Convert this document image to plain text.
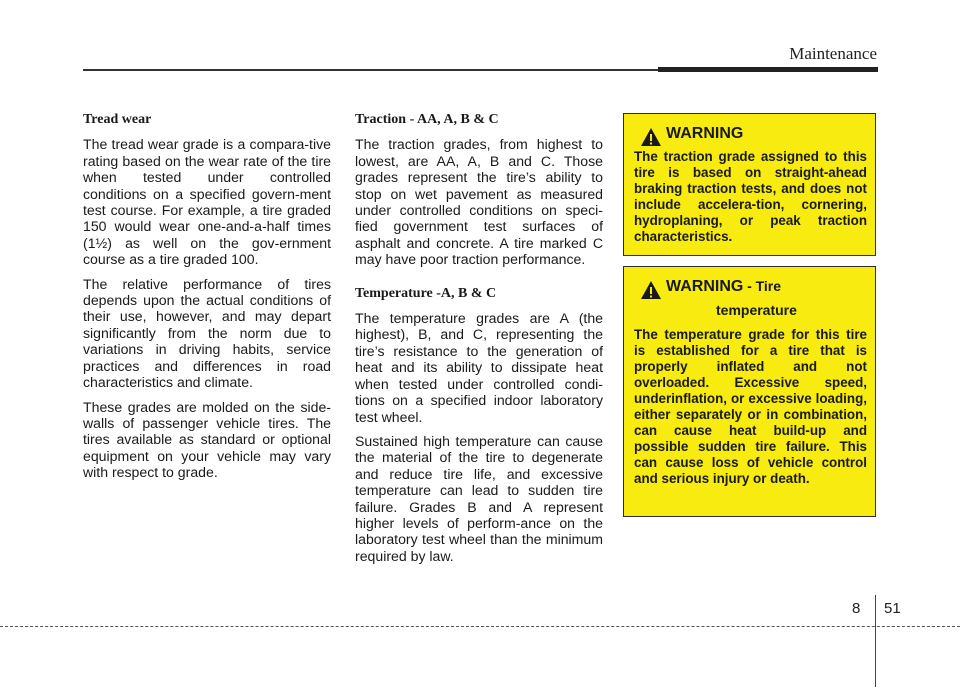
Maintenance
Tread wear

The tread wear grade is a compara-tive rating based on the wear rate of the tire when tested under controlled conditions on a specified govern-ment test course. For example, a tire graded 150 would wear one-and-a-half times (1½) as well on the gov-ernment course as a tire graded 100.

The relative performance of tires depends upon the actual conditions of their use, however, and may depart significantly from the norm due to variations in driving habits, service practices and differences in road characteristics and climate.

These grades are molded on the side-walls of passenger vehicle tires. The tires available as standard or optional equipment on your vehicle may vary with respect to grade.

Traction - AA, A, B & C

The traction grades, from highest to lowest, are AA, A, B and C. Those grades represent the tire’s ability to stop on wet pavement as measured under controlled conditions on speci-fied government test surfaces of asphalt and concrete. A tire marked C may have poor traction performance.

Temperature -A, B & C

The temperature grades are A (the highest), B, and C, representing the tire’s resistance to the generation of heat and its ability to dissipate heat when tested under controlled condi-tions on a specified indoor laboratory test wheel.

Sustained high temperature can cause the material of the tire to degenerate and reduce tire life, and excessive temperature can lead to sudden tire failure. Grades B and A represent higher levels of perform-ance on the laboratory test wheel than the minimum required by law.

WARNING
The traction grade assigned to this tire is based on straight-ahead braking traction tests, and does not include accelera-tion, cornering, hydroplaning, or peak traction characteristics.
WARNING - Tire
temperature
The temperature grade for this tire is established for a tire that is properly inflated and not overloaded. Excessive speed, underinflation, or excessive loading, either separately or in combination, can cause heat build-up and possible sudden tire failure. This can cause loss of vehicle control and serious injury or death.
8 51
